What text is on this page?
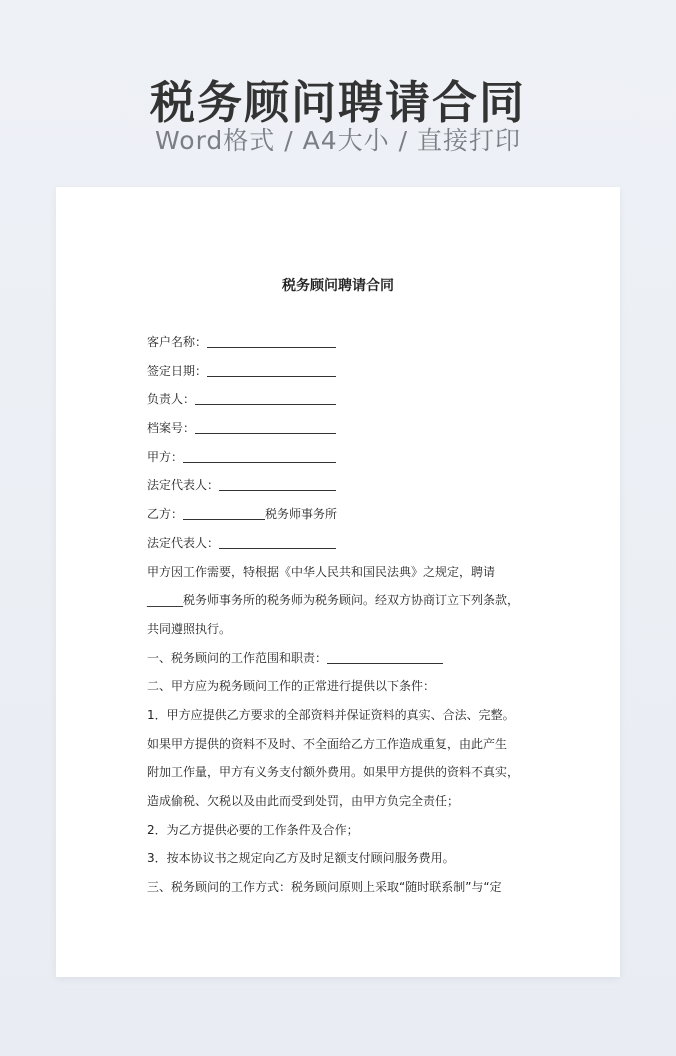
税务顾问聘请合同
Word格式 / A4大小 / 直接打印
税务顾问聘请合同
客户名称：
签定日期：
负责人：
档案号：
甲方：
法定代表人：
乙方：	税务师事务所
法定代表人：
甲方因工作需要，特根据《中华人民共和国民法典》之规定，聘请
______税务师事务所的税务师为税务顾问。经双方协商订立下列条款，
共同遵照执行。
一、税务顾问的工作范围和职责：
二、甲方应为税务顾问工作的正常进行提供以下条件：
1．甲方应提供乙方要求的全部资料并保证资料的真实、合法、完整。
如果甲方提供的资料不及时、不全面给乙方工作造成重复，由此产生
附加工作量，甲方有义务支付额外费用。如果甲方提供的资料不真实，
造成偷税、欠税以及由此而受到处罚，由甲方负完全责任；
2．为乙方提供必要的工作条件及合作；
3．按本协议书之规定向乙方及时足额支付顾问服务费用。
三、税务顾问的工作方式：税务顾问原则上采取“随时联系制”与“定
